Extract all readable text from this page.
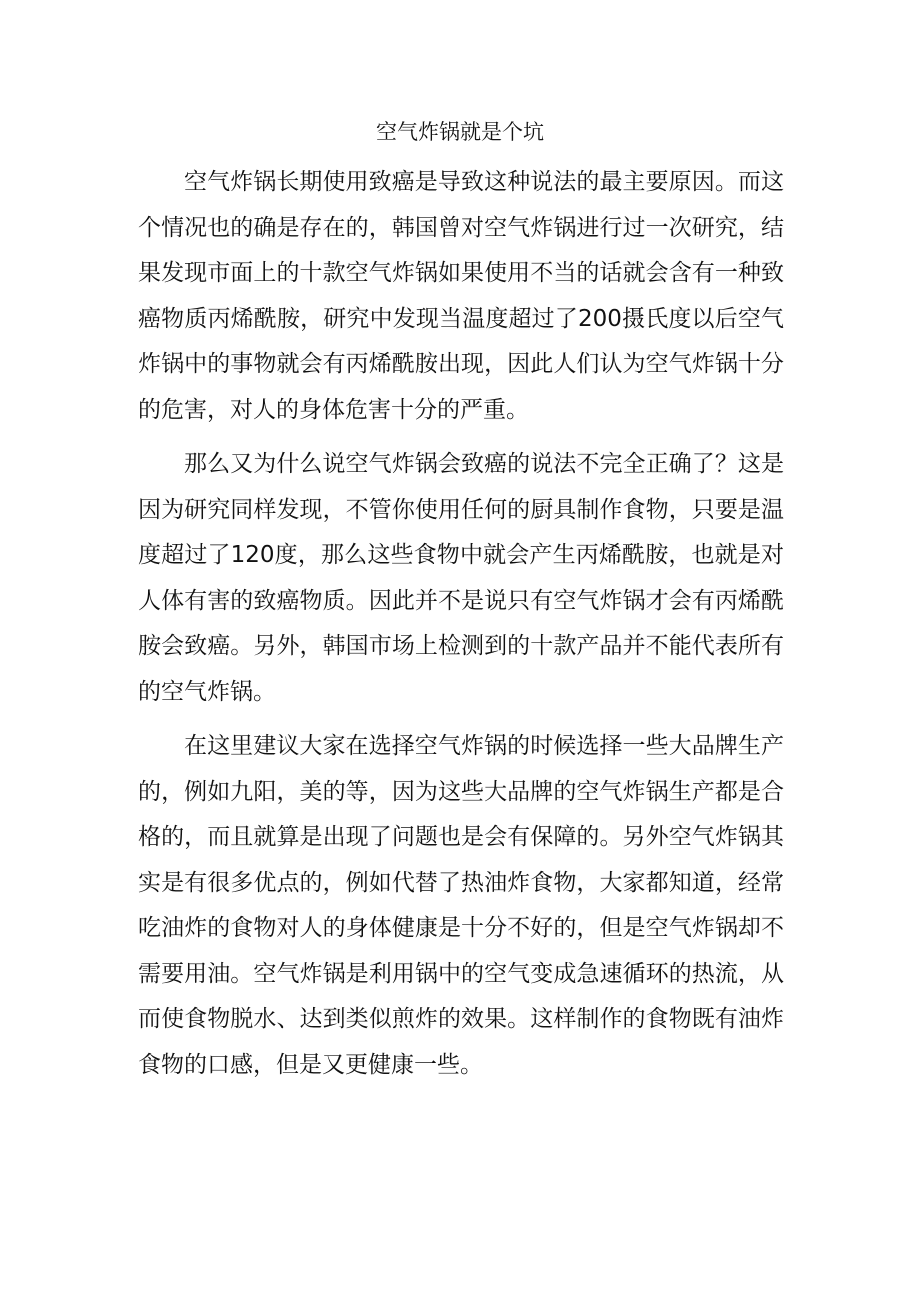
空气炸锅就是个坑

空气炸锅长期使用致癌是导致这种说法的最主要原因。而这个情况也的确是存在的，韩国曾对空气炸锅进行过一次研究，结果发现市面上的十款空气炸锅如果使用不当的话就会含有一种致癌物质丙烯酰胺，研究中发现当温度超过了200摄氏度以后空气炸锅中的事物就会有丙烯酰胺出现，因此人们认为空气炸锅十分的危害，对人的身体危害十分的严重。

那么又为什么说空气炸锅会致癌的说法不完全正确了？这是因为研究同样发现，不管你使用任何的厨具制作食物，只要是温度超过了120度，那么这些食物中就会产生丙烯酰胺，也就是对人体有害的致癌物质。因此并不是说只有空气炸锅才会有丙烯酰胺会致癌。另外，韩国市场上检测到的十款产品并不能代表所有的空气炸锅。

在这里建议大家在选择空气炸锅的时候选择一些大品牌生产的，例如九阳，美的等，因为这些大品牌的空气炸锅生产都是合格的，而且就算是出现了问题也是会有保障的。另外空气炸锅其实是有很多优点的，例如代替了热油炸食物，大家都知道，经常吃油炸的食物对人的身体健康是十分不好的，但是空气炸锅却不需要用油。空气炸锅是利用锅中的空气变成急速循环的热流，从而使食物脱水、达到类似煎炸的效果。这样制作的食物既有油炸食物的口感，但是又更健康一些。
